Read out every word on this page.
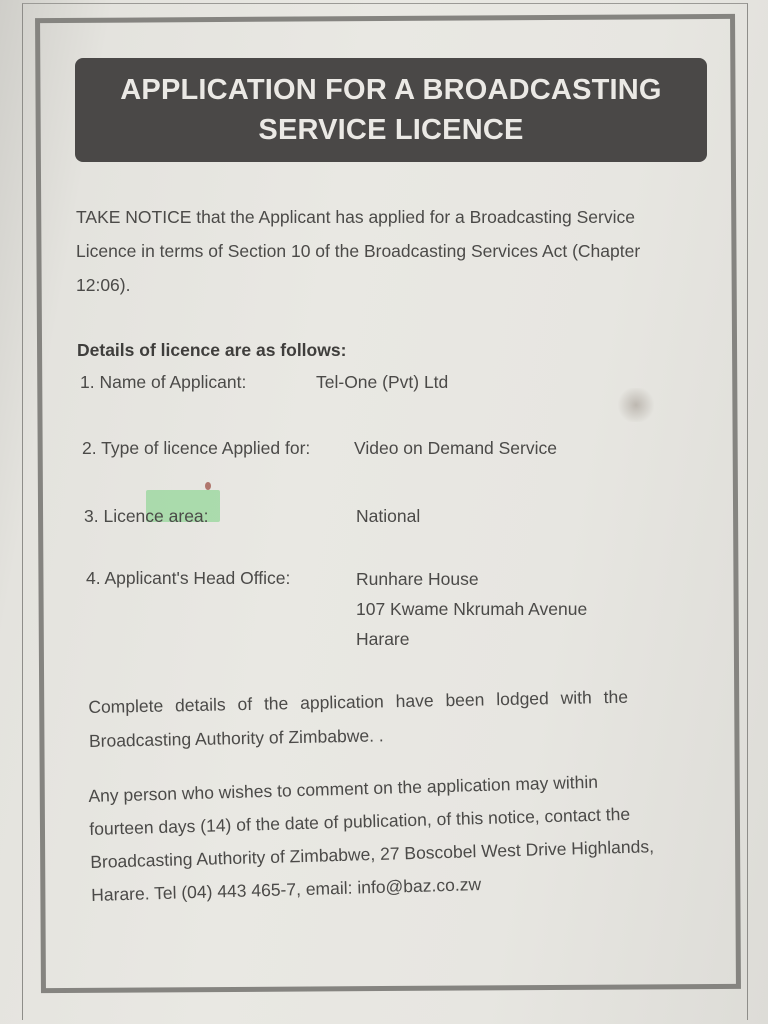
APPLICATION FOR A BROADCASTING
SERVICE LICENCE
TAKE NOTICE that the Applicant has applied for a Broadcasting Service
Licence in terms of Section 10 of the Broadcasting Services Act (Chapter
12:06).
Details of licence are as follows:
1. Name of Applicant:	Tel-One (Pvt) Ltd
2. Type of licence Applied for: Video on Demand Service
3. Licence area:	National
4. Applicant's Head Office:	Runhare House
107 Kwame Nkrumah Avenue
Harare
Complete details of the application have been lodged with the
Broadcasting Authority of Zimbabwe. .
Any person who wishes to comment on the application may within
fourteen days (14) of the date of publication, of this notice, contact the
Broadcasting Authority of Zimbabwe, 27 Boscobel West Drive Highlands,
Harare. Tel (04) 443 465-7, email: info@baz.co.zw
